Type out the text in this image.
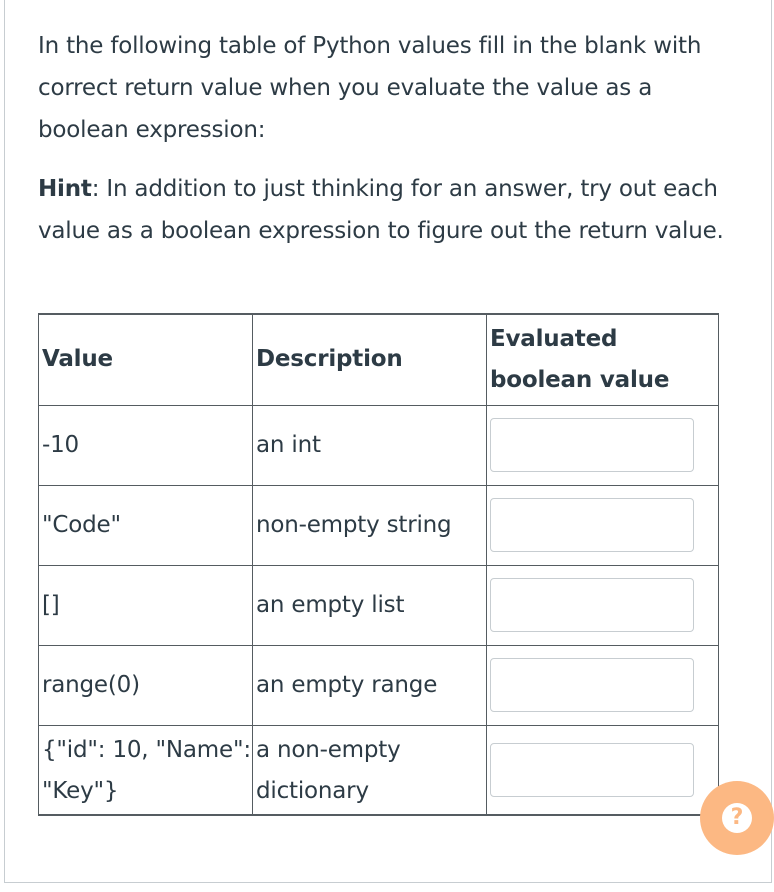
In the following table of Python values fill in the blank with correct return value when you evaluate the value as a boolean expression:

Hint: In addition to just thinking for an answer, try out each value as a boolean expression to figure out the return value.

Value	Description	Evaluated boolean value
-10	an int	

"Code"	non-empty string	

[]	an empty list	

range(0)	an empty range	

{"id": 10, "Name": "Key"}	a non-empty dictionary	
?
